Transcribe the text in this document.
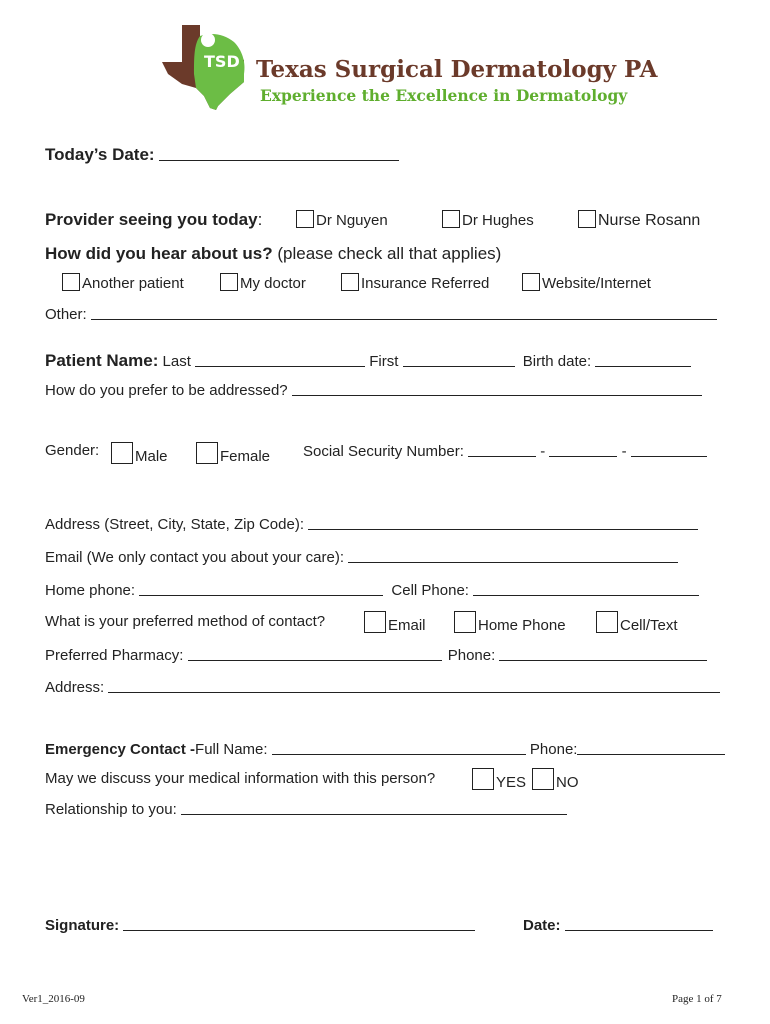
TSD Texas Surgical Dermatology PA
Experience the Excellence in Dermatology
Today’s Date:
Provider seeing you today:	Dr Nguyen	Dr Hughes	Nurse Rosann
How did you hear about us? (please check all that applies)
Another patient	My doctor	Insurance Referred	Website/Internet
Other:
Patient Name: Last	First	Birth date:
How do you prefer to be addressed?
Gender:	Male	Female Social Security Number:	-	-
Address (Street, City, State, Zip Code):
Email (We only contact you about your care):
Home phone:	Cell Phone:
What is your preferred method of contact?	Email	Home Phone	Cell/Text
Preferred Pharmacy:	Phone:
Address:
Emergency Contact -Full Name:	Phone:
May we discuss your medical information with this person?	YES	NO
Relationship to you:
Signature:	Date:
Ver1_2016-09	Page 1 of 7
